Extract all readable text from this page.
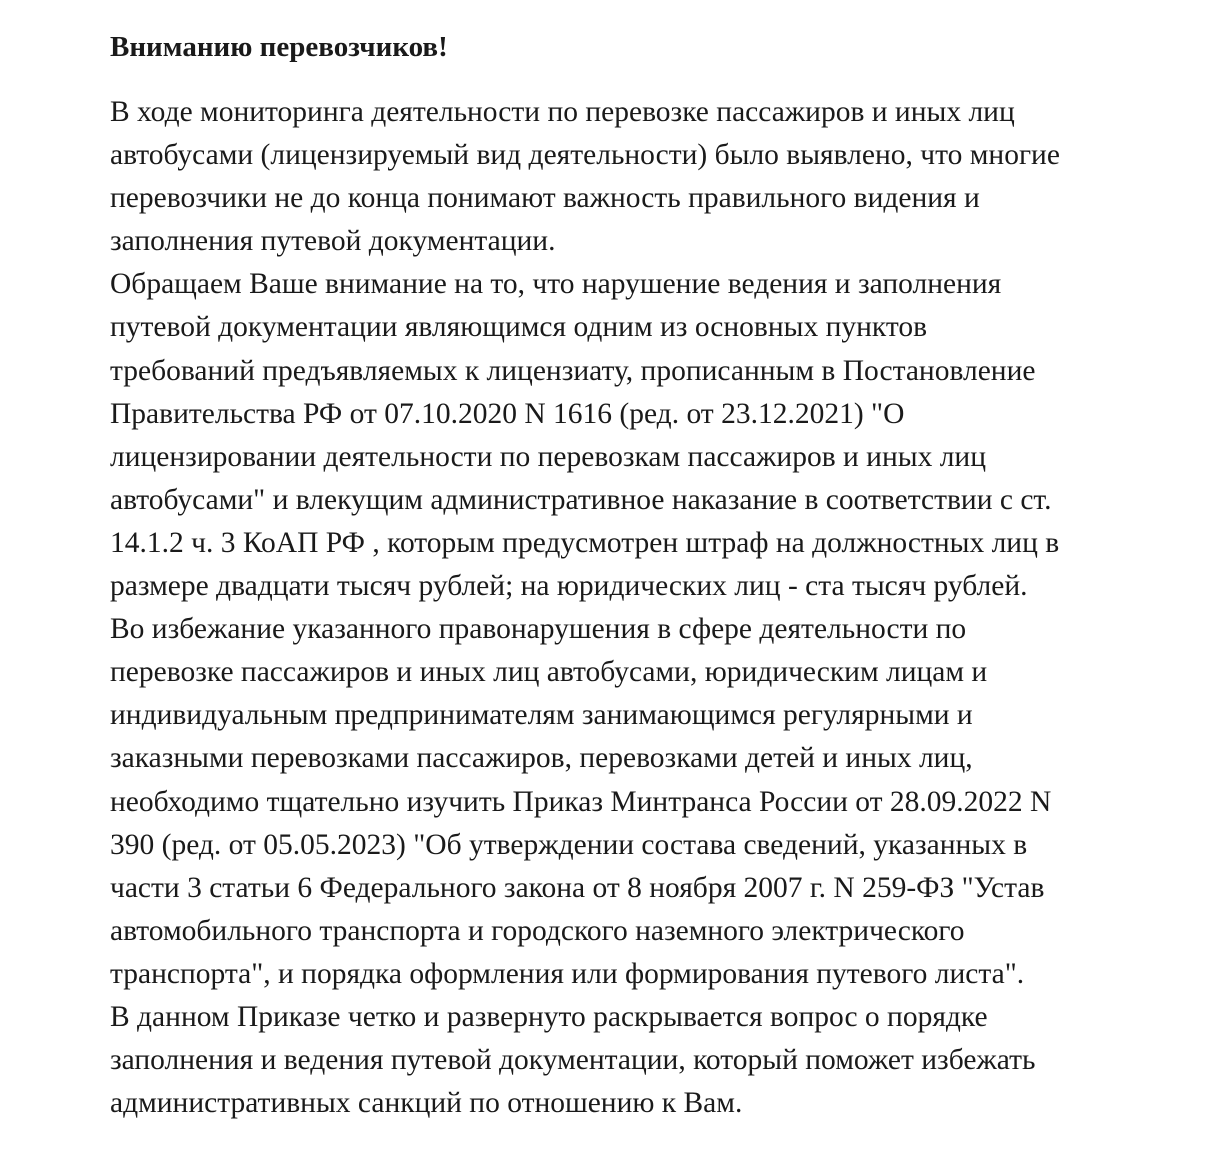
Вниманию перевозчиков!

В ходе мониторинга деятельности по перевозке пассажиров и иных лиц
автобусами (лицензируемый вид деятельности) было выявлено, что многие
перевозчики не до конца понимают важность правильного видения и
заполнения путевой документации.

Обращаем Ваше внимание на то, что нарушение ведения и заполнения
путевой документации являющимся одним из основных пунктов
требований предъявляемых к лицензиату, прописанным в Постановление
Правительства РФ от 07.10.2020 N 1616 (ред. от 23.12.2021) "О
лицензировании деятельности по перевозкам пассажиров и иных лиц
автобусами" и влекущим административное наказание в соответствии с ст.
14.1.2 ч. 3 КоАП РФ , которым предусмотрен штраф на должностных лиц в
размере двадцати тысяч рублей; на юридических лиц - ста тысяч рублей.

Во избежание указанного правонарушения в сфере деятельности по
перевозке пассажиров и иных лиц автобусами, юридическим лицам и
индивидуальным предпринимателям занимающимся регулярными и
заказными перевозками пассажиров, перевозками детей и иных лиц,
необходимо тщательно изучить Приказ Минтранса России от 28.09.2022 N
390 (ред. от 05.05.2023) "Об утверждении состава сведений, указанных в
части 3 статьи 6 Федерального закона от 8 ноября 2007 г. N 259-ФЗ "Устав
автомобильного транспорта и городского наземного электрического
транспорта", и порядка оформления или формирования путевого листа".

В данном Приказе четко и развернуто раскрывается вопрос о порядке
заполнения и ведения путевой документации, который поможет избежать
административных санкций по отношению к Вам.
